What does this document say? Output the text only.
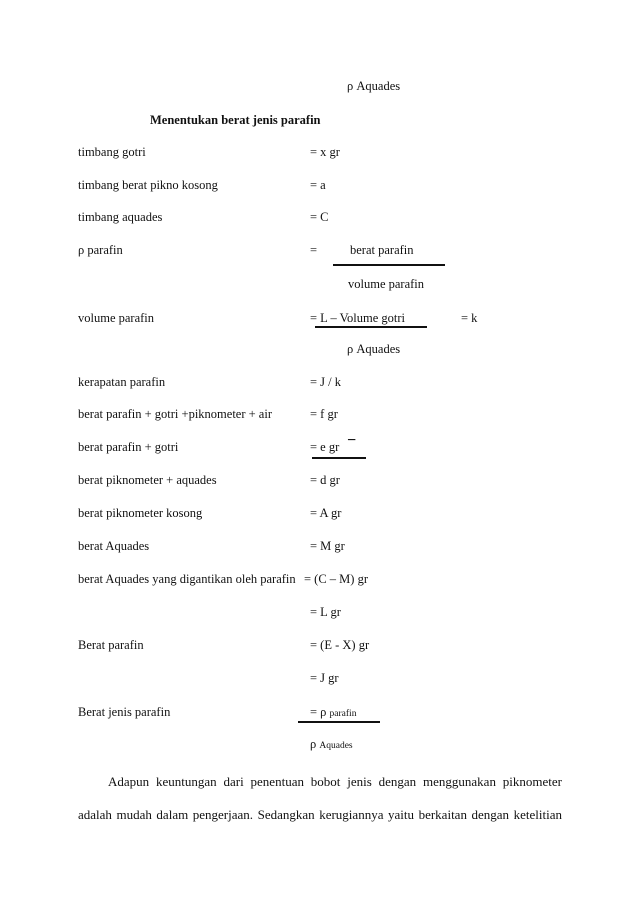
ρ Aquades
Menentukan berat jenis parafin
timbang gotri	= x gr
timbang berat pikno kosong	= a
timbang aquades	= C
ρ parafin	=	berat parafin
volume parafin
volume parafin	= L – Volume gotri	= k
ρ Aquades
kerapatan parafin	= J / k
berat parafin + gotri +piknometer + air	= f gr
berat parafin + gotri	= e gr −
berat piknometer + aquades	= d gr
berat piknometer kosong	= A gr
berat Aquades	= M gr
berat Aquades yang digantikan oleh parafin = (C – M) gr
= L gr
Berat parafin	= (E - X) gr
= J gr
Berat jenis parafin	= ρ parafin
ρ Aquades

Adapun keuntungan dari penentuan bobot jenis dengan menggunakan piknometer

adalah mudah dalam pengerjaan. Sedangkan kerugiannya yaitu berkaitan dengan ketelitian
